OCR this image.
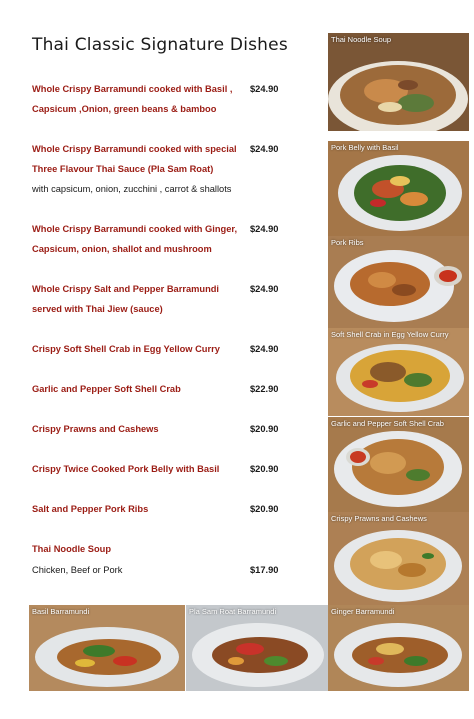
Thai Classic Signature Dishes
Whole Crispy Barramundi cooked with Basil ,
Capsicum ,Onion, green beans & bamboo
$24.90
Whole Crispy Barramundi cooked with special
Three Flavour Thai Sauce (Pla Sam Roat)
with capsicum, onion, zucchini , carrot & shallots
$24.90
Whole Crispy Barramundi cooked with Ginger,
Capsicum, onion, shallot and mushroom
$24.90
Whole Crispy Salt and Pepper Barramundi
served with Thai Jiew (sauce)
$24.90
Crispy Soft Shell Crab in Egg Yellow Curry	$24.90
Garlic and Pepper Soft Shell Crab	$22.90
Crispy Prawns and Cashews	$20.90
Crispy Twice Cooked Pork Belly with Basil	$20.90
Salt and Pepper Pork Ribs	$20.90
Thai Noodle Soup
Chicken, Beef or Pork	$17.90
Thai Noodle Soup
Pork Belly with Basil
Pork Ribs
Soft Shell Crab in Egg Yellow Curry
Garlic and Pepper Soft Shell Crab
Crispy Prawns and Cashews
Basil Barramundi	Pla Sam Roat Barramundi	Ginger Barramundi
